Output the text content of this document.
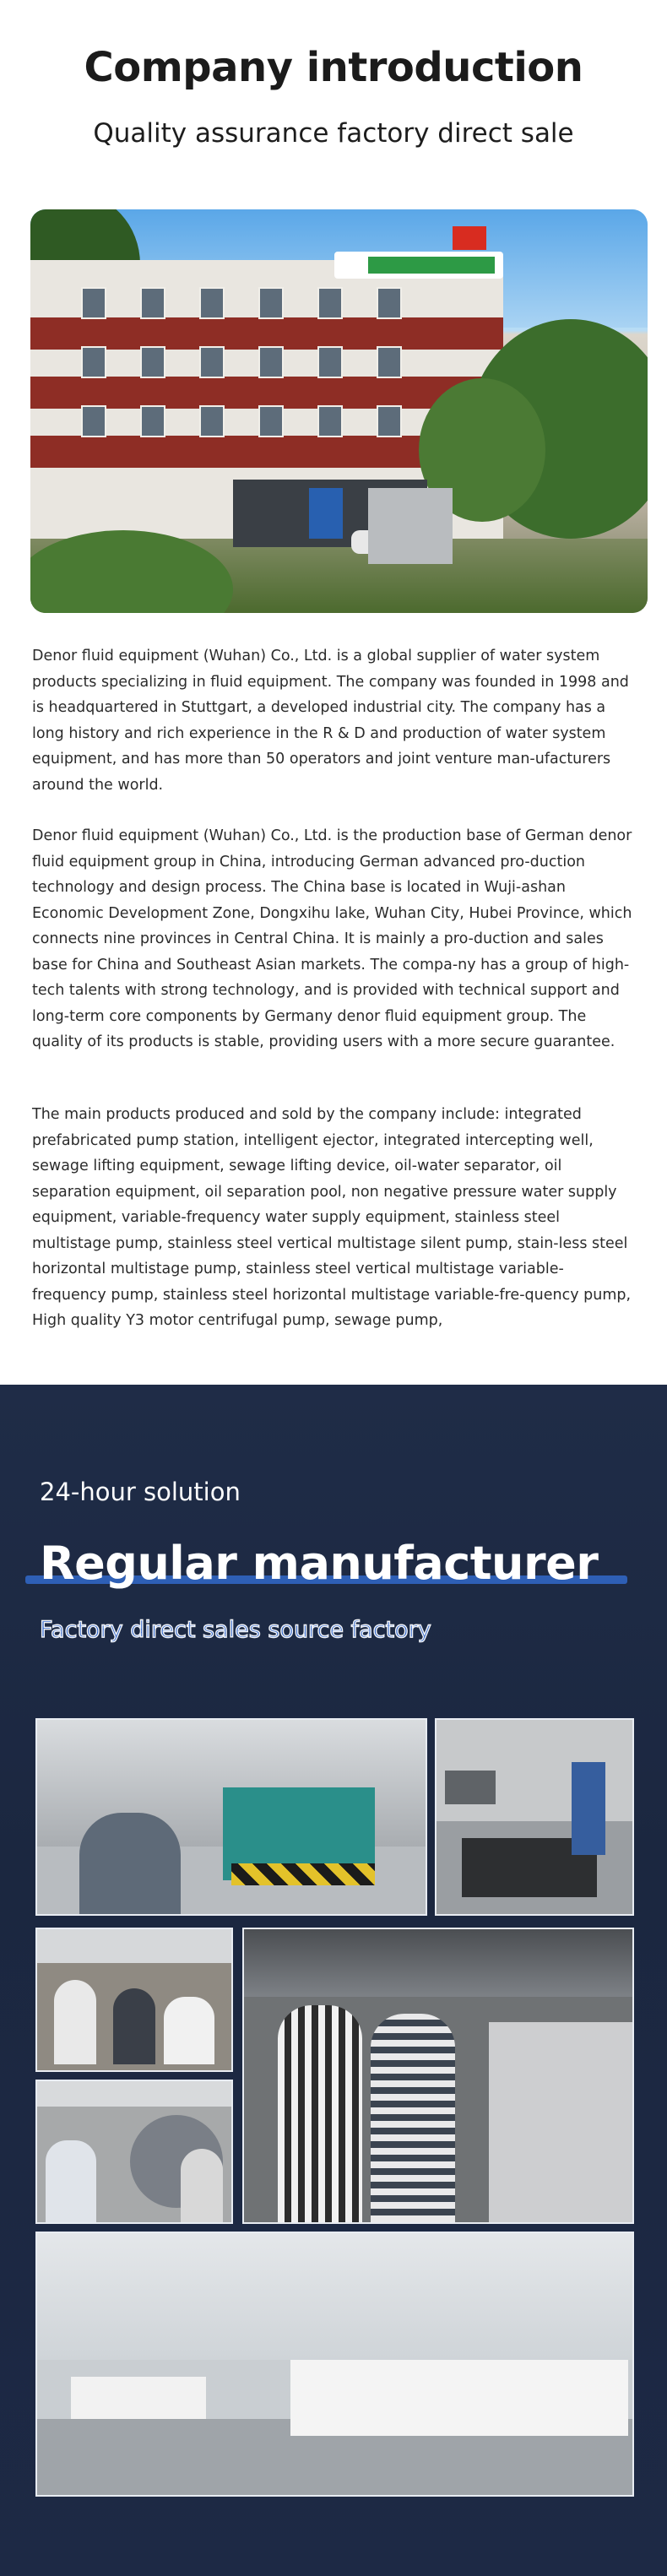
Company introduction
Quality assurance factory direct sale

Denor fluid equipment (Wuhan) Co., Ltd. is a global supplier of water system products specializing in fluid equipment. The company was founded in 1998 and is headquartered in Stuttgart, a developed industrial city. The company has a long history and rich experience in the R & D and production of water system equipment, and has more than 50 operators and joint venture man-ufacturers around the world.

Denor fluid equipment (Wuhan) Co., Ltd. is the production base of German denor fluid equipment group in China, introducing German advanced pro-duction technology and design process. The China base is located in Wuji-ashan Economic Development Zone, Dongxihu lake, Wuhan City, Hubei Province, which connects nine provinces in Central China. It is mainly a pro-duction and sales base for China and Southeast Asian markets. The compa-ny has a group of high-tech talents with strong technology, and is provided with technical support and long-term core components by Germany denor fluid equipment group. The quality of its products is stable, providing users with a more secure guarantee.

The main products produced and sold by the company include: integrated prefabricated pump station, intelligent ejector, integrated intercepting well, sewage lifting equipment, sewage lifting device, oil-water separator, oil separation equipment, oil separation pool, non negative pressure water supply equipment, variable-frequency water supply equipment, stainless steel multistage pump, stainless steel vertical multistage silent pump, stain-less steel horizontal multistage pump, stainless steel vertical multistage variable-frequency pump, stainless steel horizontal multistage variable-fre-quency pump, High quality Y3 motor centrifugal pump, sewage pump,

24-hour solution

Regular manufacturer

Factory direct sales source factory
